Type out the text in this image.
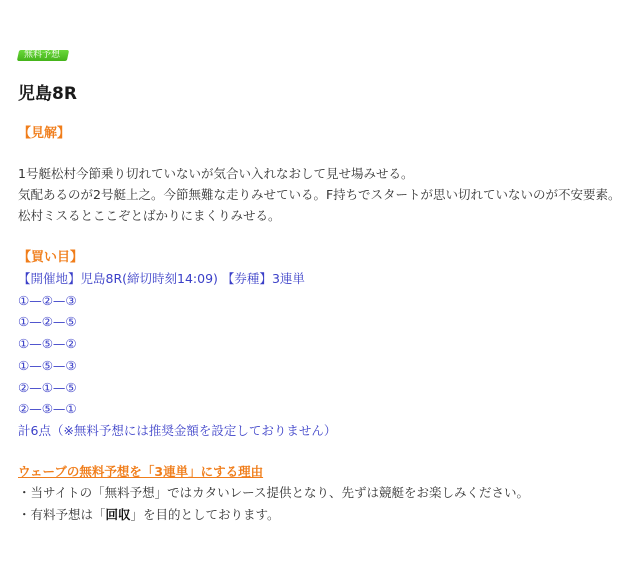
無料予想
児島8R
【見解】

1号艇松村今節乗り切れていないが気合い入れなおして見せ場みせる。

気配あるのが2号艇上之。今節無難な走りみせている。F持ちでスタートが思い切れていないのが不安要素。

松村ミスるとここぞとばかりにまくりみせる。

【買い目】
【開催地】児島8R(締切時刻14:09) 【券種】3連単

①—②—③

①—②—⑤

①—⑤—②

①—⑤—③

②—①—⑤

②—⑤—①

計6点（※無料予想には推奨金額を設定しておりません）
ウェーブの無料予想を「3連単」にする理由

・当サイトの「無料予想」ではカタいレース提供となり、先ずは競艇をお楽しみください。

・有料予想は「回収」を目的としております。
